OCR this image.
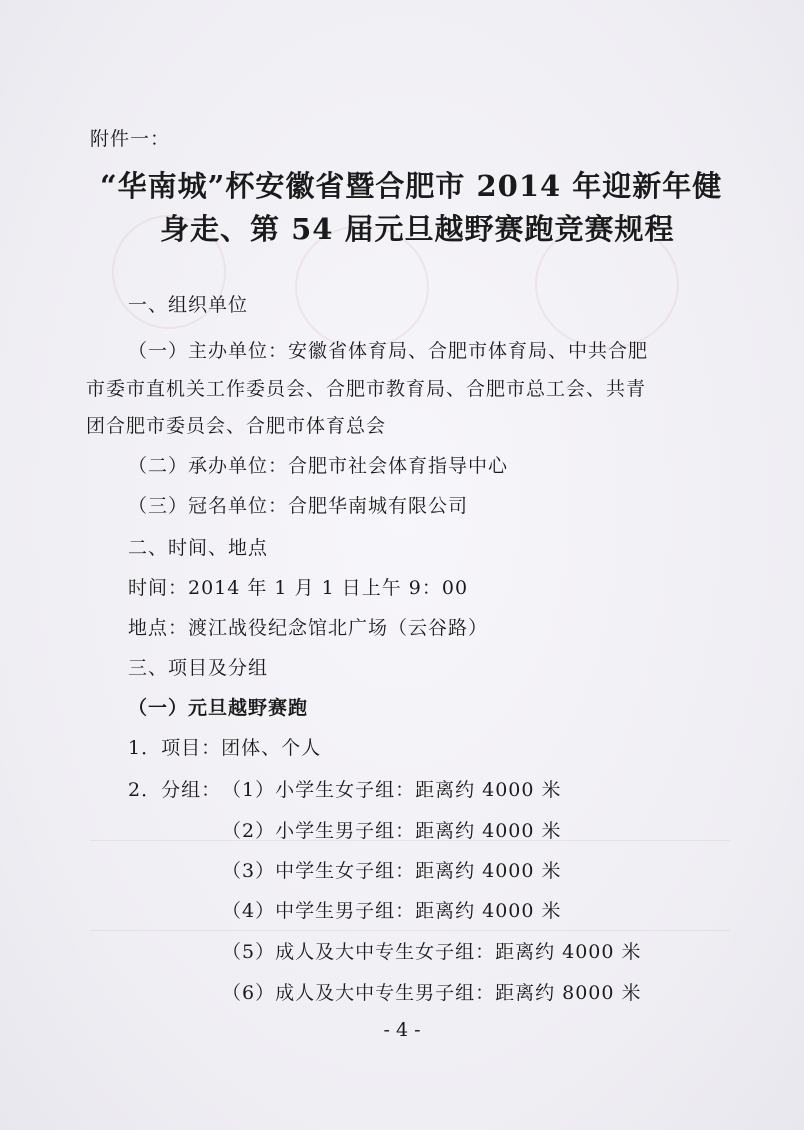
附件一：
“华南城”杯安徽省暨合肥市 2014 年迎新年健
身走、第 54 届元旦越野赛跑竞赛规程
一、组织单位
（一）主办单位：安徽省体育局、合肥市体育局、中共合肥
市委市直机关工作委员会、合肥市教育局、合肥市总工会、共青
团合肥市委员会、合肥市体育总会
（二）承办单位：合肥市社会体育指导中心
（三）冠名单位：合肥华南城有限公司
二、时间、地点
时间：2014 年 1 月 1 日上午 9：00
地点：渡江战役纪念馆北广场（云谷路）
三、项目及分组
（一）元旦越野赛跑
1．项目：团体、个人
2．分组： （1）小学生女子组：距离约 4000 米
（2）小学生男子组：距离约 4000 米
（3）中学生女子组：距离约 4000 米
（4）中学生男子组：距离约 4000 米
（5）成人及大中专生女子组：距离约 4000 米
（6）成人及大中专生男子组：距离约 8000 米
- 4 -
